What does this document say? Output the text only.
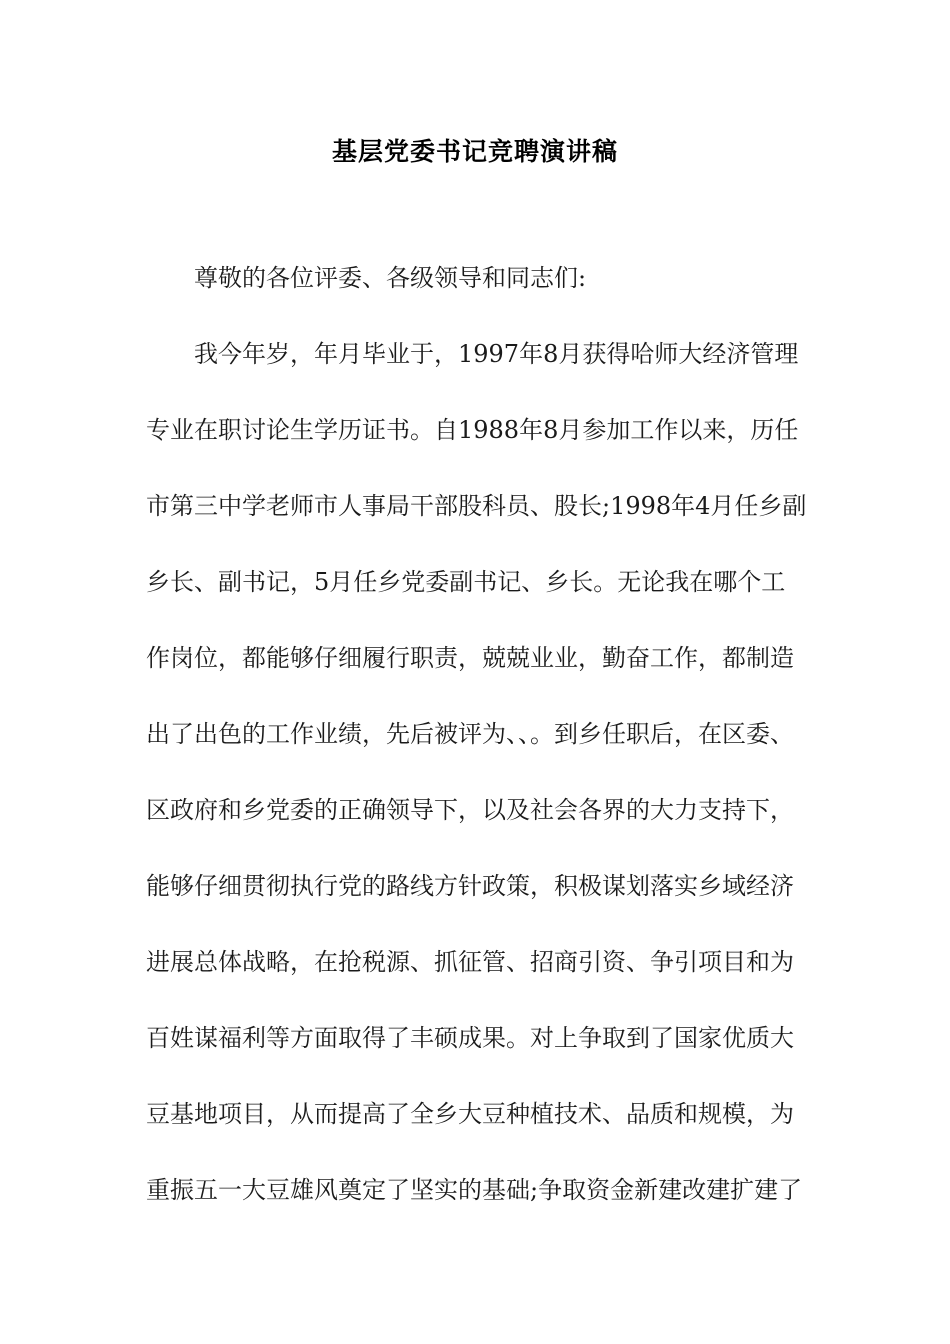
基层党委书记竞聘演讲稿
尊敬的各位评委、各级领导和同志们:
我今年岁，年月毕业于，1997年8月获得哈师大经济管理
专业在职讨论生学历证书。自1988年8月参加工作以来，历任
市第三中学老师市人事局干部股科员、股长;1998年4月任乡副
乡长、副书记，5月任乡党委副书记、乡长。无论我在哪个工
作岗位，都能够仔细履行职责，兢兢业业，勤奋工作，都制造
出了出色的工作业绩，先后被评为、、。到乡任职后，在区委、
区政府和乡党委的正确领导下，以及社会各界的大力支持下，
能够仔细贯彻执行党的路线方针政策，积极谋划落实乡域经济
进展总体战略，在抢税源、抓征管、招商引资、争引项目和为
百姓谋福利等方面取得了丰硕成果。对上争取到了国家优质大
豆基地项目，从而提高了全乡大豆种植技术、品质和规模，为
重振五一大豆雄风奠定了坚实的基础;争取资金新建改建扩建了
